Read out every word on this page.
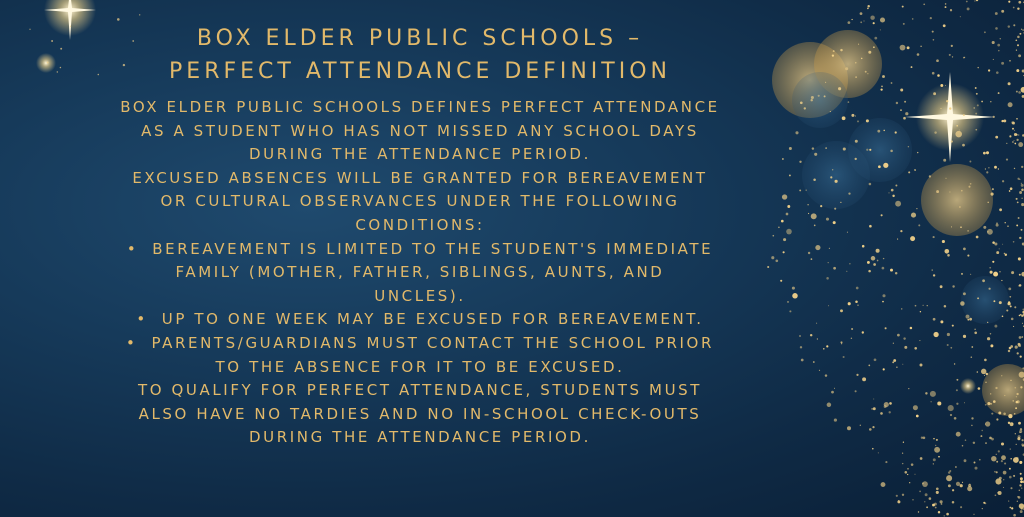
BOX ELDER PUBLIC SCHOOLS –
PERFECT ATTENDANCE DEFINITION

BOX ELDER PUBLIC SCHOOLS DEFINES PERFECT ATTENDANCE
AS A STUDENT WHO HAS NOT MISSED ANY SCHOOL DAYS
DURING THE ATTENDANCE PERIOD.

EXCUSED ABSENCES WILL BE GRANTED FOR BEREAVEMENT
OR CULTURAL OBSERVANCES UNDER THE FOLLOWING
CONDITIONS:

• BEREAVEMENT IS LIMITED TO THE STUDENT'S IMMEDIATE
FAMILY (MOTHER, FATHER, SIBLINGS, AUNTS, AND
UNCLES).
• UP TO ONE WEEK MAY BE EXCUSED FOR BEREAVEMENT.
• PARENTS/GUARDIANS MUST CONTACT THE SCHOOL PRIOR
TO THE ABSENCE FOR IT TO BE EXCUSED.

TO QUALIFY FOR PERFECT ATTENDANCE, STUDENTS MUST
ALSO HAVE NO TARDIES AND NO IN-SCHOOL CHECK-OUTS
DURING THE ATTENDANCE PERIOD.
